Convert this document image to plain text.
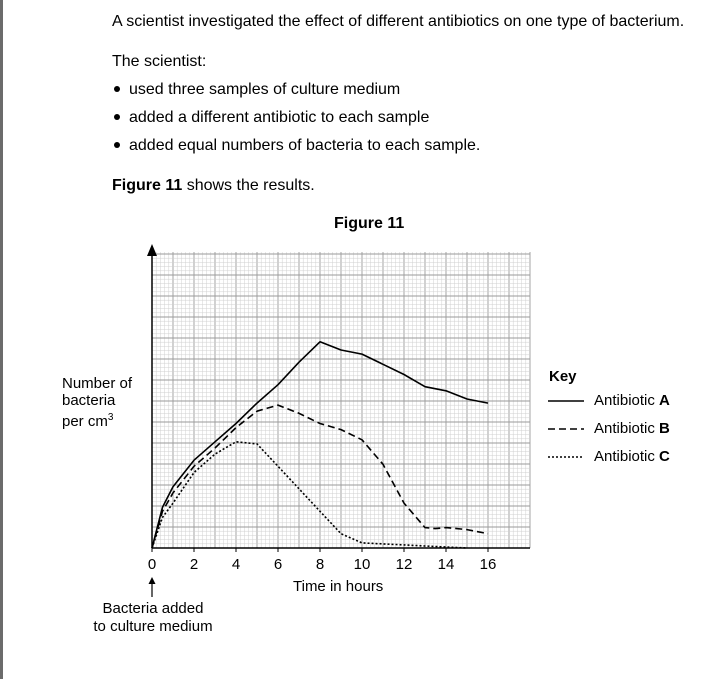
A scientist investigated the effect of different antibiotics on one type of bacterium.
The scientist:
used three samples of culture medium
added a different antibiotic to each sample
added equal numbers of bacteria to each sample.
Figure 11 shows the results.
Figure 11
0 2 4 6 8 10 12 14 16
Number of
bacteria
per $cm^3$
Time in hours
Bacteria added
to culture medium
Key
Antibiotic A
Antibiotic B
Antibiotic C
